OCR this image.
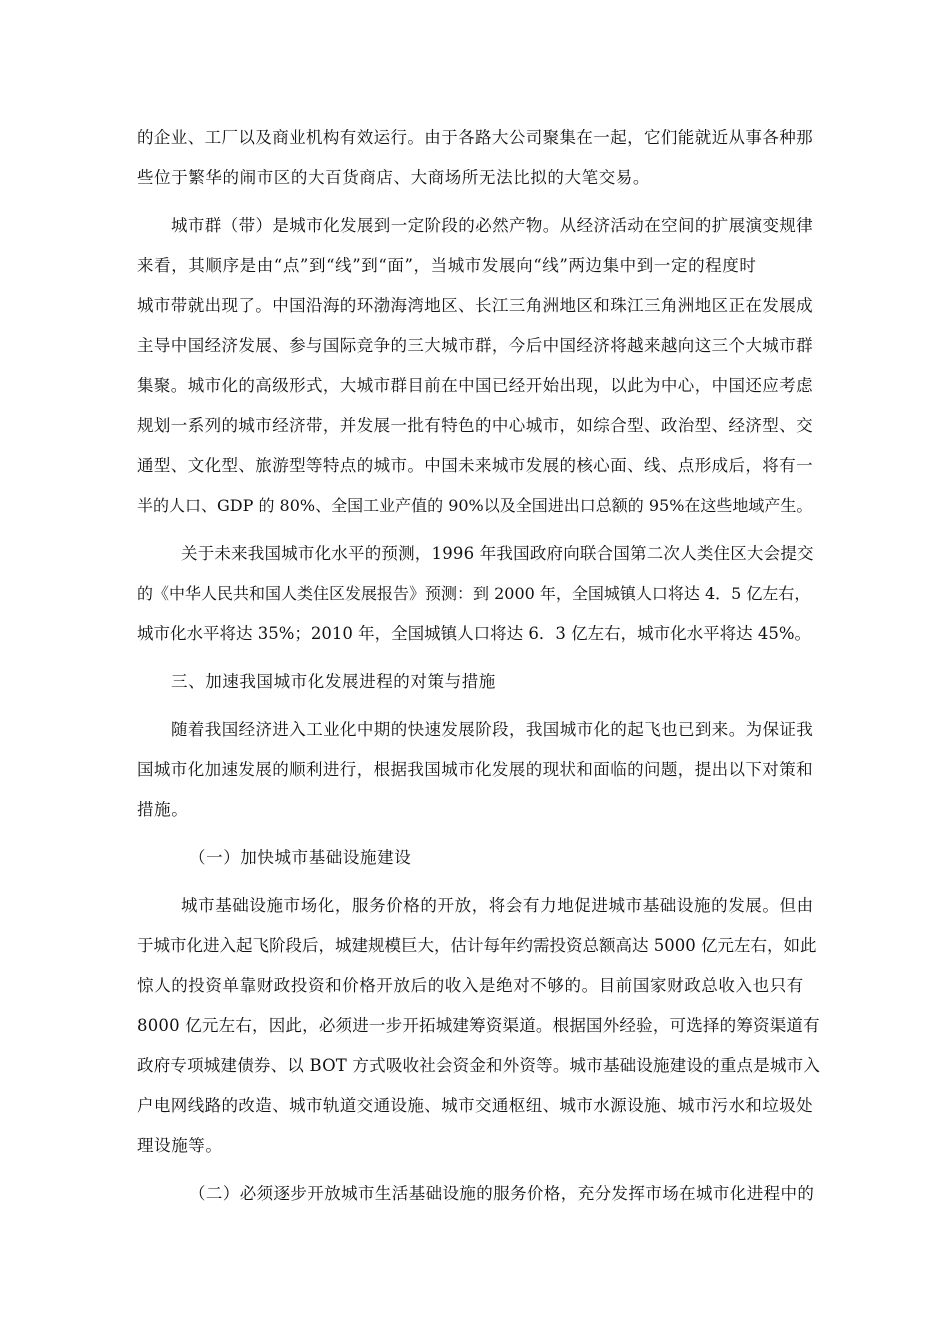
的企业、工厂以及商业机构有效运行。由于各路大公司聚集在一起，它们能就近从事各种那
些位于繁华的闹市区的大百货商店、大商场所无法比拟的大笔交易。
城市群（带）是城市化发展到一定阶段的必然产物。从经济活动在空间的扩展演变规律
来看，其顺序是由“点”到“线”到“面”，当城市发展向“线”两边集中到一定的程度时
城市带就出现了。中国沿海的环渤海湾地区、长江三角洲地区和珠江三角洲地区正在发展成
主导中国经济发展、参与国际竞争的三大城市群，今后中国经济将越来越向这三个大城市群
集聚。城市化的高级形式，大城市群目前在中国已经开始出现，以此为中心，中国还应考虑
规划一系列的城市经济带，并发展一批有特色的中心城市，如综合型、政治型、经济型、交
通型、文化型、旅游型等特点的城市。中国未来城市发展的核心面、线、点形成后，将有一
半的人口、GDP 的 80%、全国工业产值的 90%以及全国进出口总额的 95%在这些地域产生。
关于未来我国城市化水平的预测，1996 年我国政府向联合国第二次人类住区大会提交
的《中华人民共和国人类住区发展报告》预测：到 2000 年，全国城镇人口将达 4．5 亿左右，
城市化水平将达 35%；2010 年，全国城镇人口将达 6．3 亿左右，城市化水平将达 45%。
三、加速我国城市化发展进程的对策与措施
随着我国经济进入工业化中期的快速发展阶段，我国城市化的起飞也已到来。为保证我
国城市化加速发展的顺利进行，根据我国城市化发展的现状和面临的问题，提出以下对策和
措施。
（一）加快城市基础设施建设
城市基础设施市场化，服务价格的开放，将会有力地促进城市基础设施的发展。但由
于城市化进入起飞阶段后，城建规模巨大，估计每年约需投资总额高达 5000 亿元左右，如此
惊人的投资单靠财政投资和价格开放后的收入是绝对不够的。目前国家财政总收入也只有
8000 亿元左右，因此，必须进一步开拓城建筹资渠道。根据国外经验，可选择的筹资渠道有
政府专项城建债券、以 BOT 方式吸收社会资金和外资等。城市基础设施建设的重点是城市入
户电网线路的改造、城市轨道交通设施、城市交通枢纽、城市水源设施、城市污水和垃圾处
理设施等。
（二）必须逐步开放城市生活基础设施的服务价格，充分发挥市场在城市化进程中的
